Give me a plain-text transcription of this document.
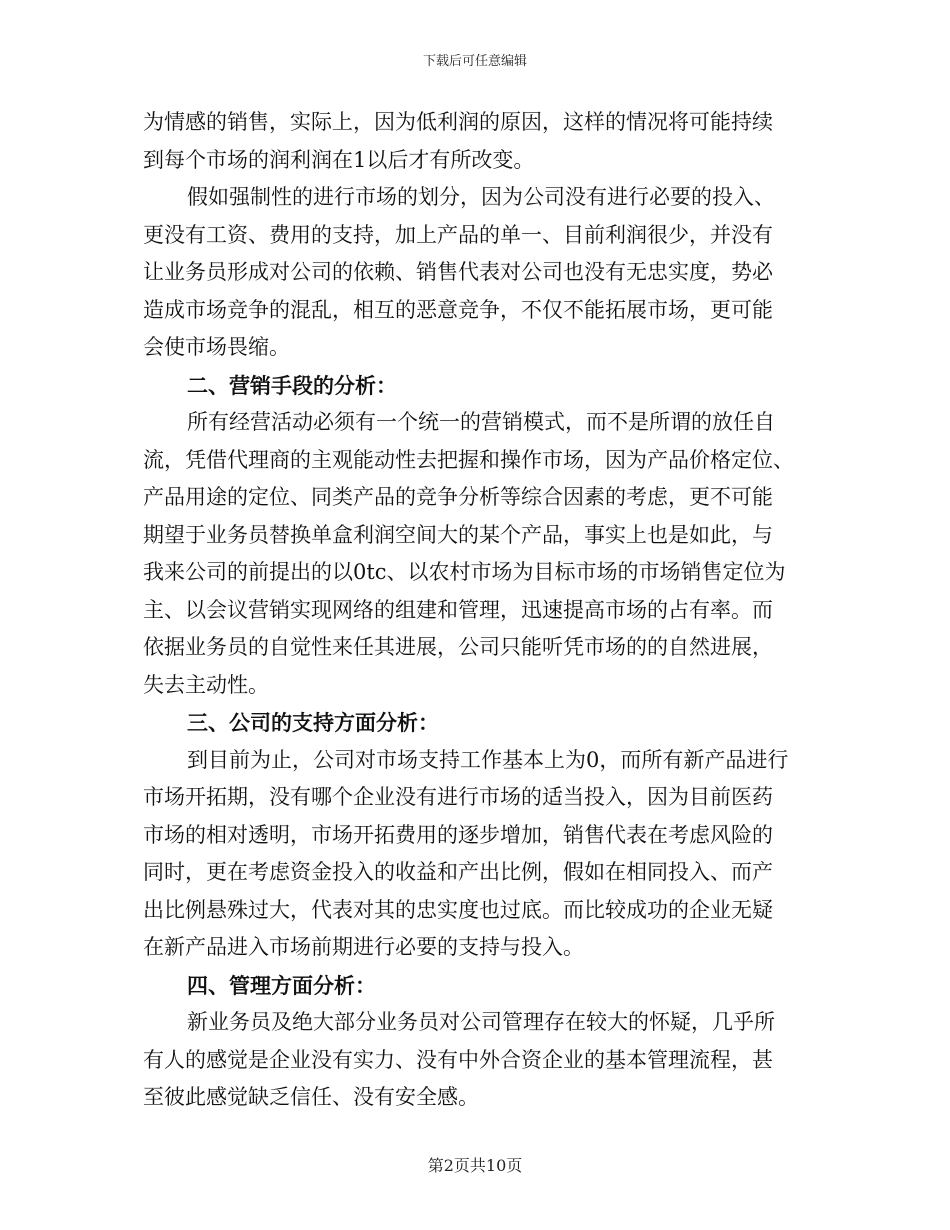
下载后可任意编辑
为情感的销售，实际上，因为低利润的原因，这样的情况将可能持续
到每个市场的润利润在1以后才有所改变。
假如强制性的进行市场的划分，因为公司没有进行必要的投入、
更没有工资、费用的支持，加上产品的单一、目前利润很少，并没有
让业务员形成对公司的依赖、销售代表对公司也没有无忠实度，势必
造成市场竞争的混乱，相互的恶意竞争，不仅不能拓展市场，更可能
会使市场畏缩。
二、营销手段的分析：
所有经营活动必须有一个统一的营销模式，而不是所谓的放任自
流，凭借代理商的主观能动性去把握和操作市场，因为产品价格定位、
产品用途的定位、同类产品的竞争分析等综合因素的考虑，更不可能
期望于业务员替换单盒利润空间大的某个产品，事实上也是如此，与
我来公司的前提出的以0tc、以农村市场为目标市场的市场销售定位为
主、以会议营销实现网络的组建和管理，迅速提高市场的占有率。而
依据业务员的自觉性来任其进展，公司只能听凭市场的的自然进展，
失去主动性。
三、公司的支持方面分析：
到目前为止，公司对市场支持工作基本上为0，而所有新产品进行
市场开拓期，没有哪个企业没有进行市场的适当投入，因为目前医药
市场的相对透明，市场开拓费用的逐步增加，销售代表在考虑风险的
同时，更在考虑资金投入的收益和产出比例，假如在相同投入、而产
出比例悬殊过大，代表对其的忠实度也过底。而比较成功的企业无疑
在新产品进入市场前期进行必要的支持与投入。
四、管理方面分析：
新业务员及绝大部分业务员对公司管理存在较大的怀疑，几乎所
有人的感觉是企业没有实力、没有中外合资企业的基本管理流程，甚
至彼此感觉缺乏信任、没有安全感。
第2页共10页
